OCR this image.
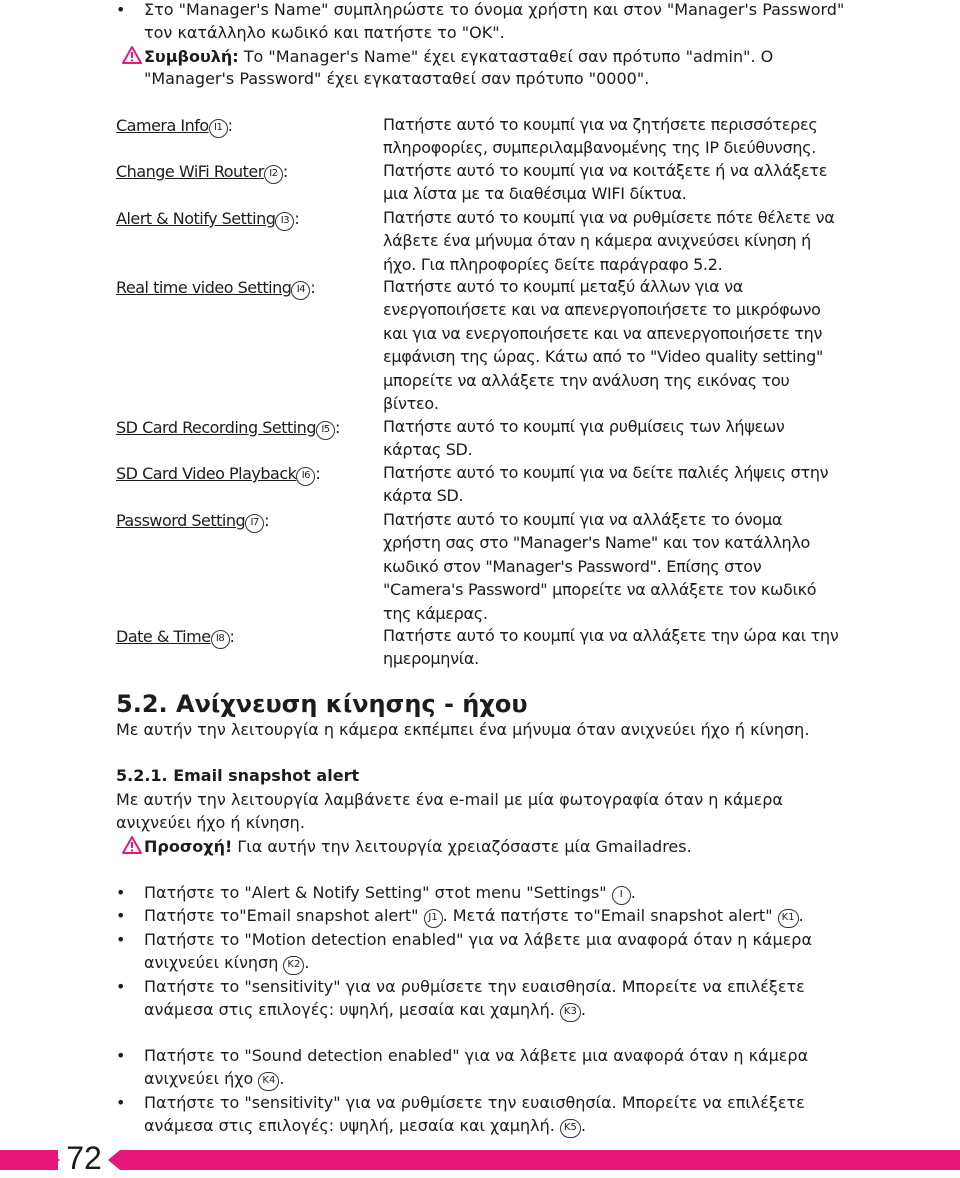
• Στο "Manager's Name" συμπληρώστε το όνομα χρήστη και στον "Manager's Password"
τον κατάλληλο κωδικό και πατήστε το "ΟΚ".
Συμβουλή: Το "Manager's Name" έχει εγκατασταθεί σαν πρότυπο "admin". Ο
"Manager's Password" έχει εγκατασταθεί σαν πρότυπο "0000".
Camera Info I1 :	Πατήστε αυτό το κουμπί για να ζητήσετε περισσότερες
πληροφορίες, συμπεριλαμβανομένης της IP διεύθυνσης.
Change WiFi Router I2 :	Πατήστε αυτό το κουμπί για να κοιτάξετε ή να αλλάξετε
μια λίστα με τα διαθέσιμα WIFI δίκτυα.
Alert & Notify Setting I3 :	Πατήστε αυτό το κουμπί για να ρυθμίσετε πότε θέλετε να
λάβετε ένα μήνυμα όταν η κάμερα ανιχνεύσει κίνηση ή
ήχο. Για πληροφορίες δείτε παράγραφο 5.2.
Real time video Setting I4 :	Πατήστε αυτό το κουμπί μεταξύ άλλων για να
ενεργοποιήσετε και να απενεργοποιήσετε το μικρόφωνο
και για να ενεργοποιήσετε και να απενεργοποιήσετε την
εμφάνιση της ώρας. Κάτω από το "Video quality setting"
μπορείτε να αλλάξετε την ανάλυση της εικόνας του
βίντεο.
SD Card Recording Setting I5 :	Πατήστε αυτό το κουμπί για ρυθμίσεις των λήψεων
κάρτας SD.
SD Card Video Playback I6 :	Πατήστε αυτό το κουμπί για να δείτε παλιές λήψεις στην
κάρτα SD.
Password Setting I7 :	Πατήστε αυτό το κουμπί για να αλλάξετε το όνομα
χρήστη σας στο "Manager's Name" και τον κατάλληλο
κωδικό στον "Manager's Password". Επίσης στον
"Camera's Password" μπορείτε να αλλάξετε τον κωδικό
της κάμερας.
Date & Time I8 :	Πατήστε αυτό το κουμπί για να αλλάξετε την ώρα και την
ημερομηνία.
5.2. Ανίχνευση κίνησης - ήχου
Με αυτήν την λειτουργία η κάμερα εκπέμπει ένα μήνυμα όταν ανιχνεύει ήχο ή κίνηση.
5.2.1. Email snapshot alert
Με αυτήν την λειτουργία λαμβάνετε ένα e-mail με μία φωτογραφία όταν η κάμερα
ανιχνεύει ήχο ή κίνηση.
Προσοχή! Για αυτήν την λειτουργία χρειαζόσαστε μία Gmailadres.
• Πατήστε το "Alert & Notify Setting" στοt menu "Settings" I .
• Πατήστε το"Email snapshot alert" J1 . Μετά πατήστε το"Email snapshot alert" K1 .
• Πατήστε το "Motion detection enabled" για να λάβετε μια αναφορά όταν η κάμερα
ανιχνεύει κίνηση K2 .
• Πατήστε το "sensitivity" για να ρυθμίσετε την ευαισθησία. Μπορείτε να επιλέξετε
ανάμεσα στις επιλογές: υψηλή, μεσαία και χαμηλή. K3 .
• Πατήστε το "Sound detection enabled" για να λάβετε μια αναφορά όταν η κάμερα
ανιχνεύει ήχο K4 .
• Πατήστε το "sensitivity" για να ρυθμίσετε την ευαισθησία. Μπορείτε να επιλέξετε
ανάμεσα στις επιλογές: υψηλή, μεσαία και χαμηλή. K5 .
72
